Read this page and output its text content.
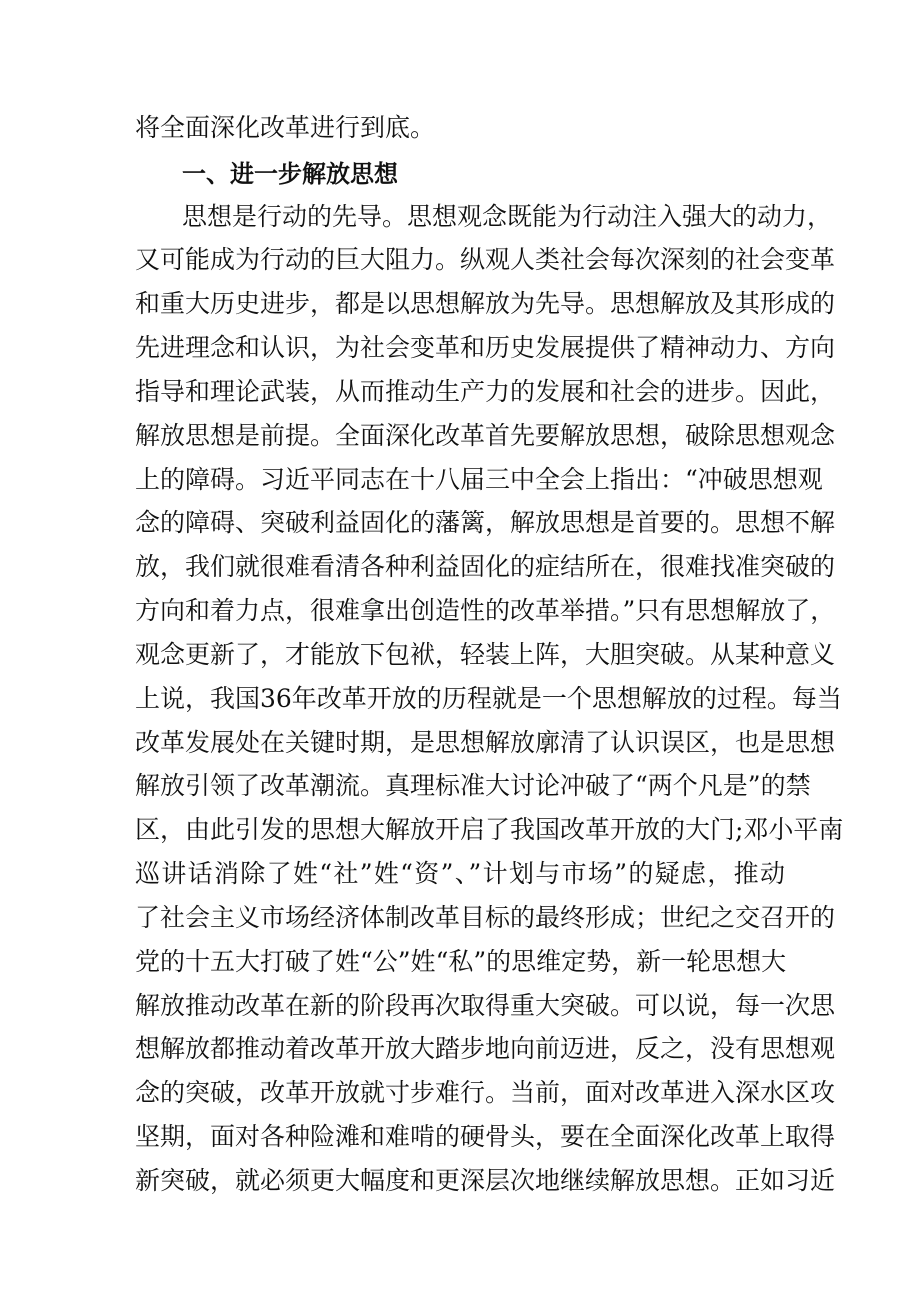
将全面深化改革进行到底。
一、进一步解放思想
思想是行动的先导。思想观念既能为行动注入强大的动力，
又可能成为行动的巨大阻力。纵观人类社会每次深刻的社会变革
和重大历史进步，都是以思想解放为先导。思想解放及其形成的
先进理念和认识，为社会变革和历史发展提供了精神动力、方向
指导和理论武装，从而推动生产力的发展和社会的进步。因此，
解放思想是前提。全面深化改革首先要解放思想，破除思想观念
上的障碍。习近平同志在十八届三中全会上指出：“冲破思想观
念的障碍、突破利益固化的藩篱，解放思想是首要的。思想不解
放，我们就很难看清各种利益固化的症结所在，很难找准突破的
方向和着力点，很难拿出创造性的改革举措。”只有思想解放了，
观念更新了，才能放下包袱，轻装上阵，大胆突破。从某种意义
上说，我国36年改革开放的历程就是一个思想解放的过程。每当
改革发展处在关键时期，是思想解放廓清了认识误区，也是思想
解放引领了改革潮流。真理标准大讨论冲破了“两个凡是”的禁
区，由此引发的思想大解放开启了我国改革开放的大门;邓小平南
巡讲话消除了姓“社”姓“资”、”计划与市场”的疑虑，推动
了社会主义市场经济体制改革目标的最终形成；世纪之交召开的
党的十五大打破了姓“公”姓“私”的思维定势，新一轮思想大
解放推动改革在新的阶段再次取得重大突破。可以说，每一次思
想解放都推动着改革开放大踏步地向前迈进，反之，没有思想观
念的突破，改革开放就寸步难行。当前，面对改革进入深水区攻
坚期，面对各种险滩和难啃的硬骨头，要在全面深化改革上取得
新突破，就必须更大幅度和更深层次地继续解放思想。正如习近
